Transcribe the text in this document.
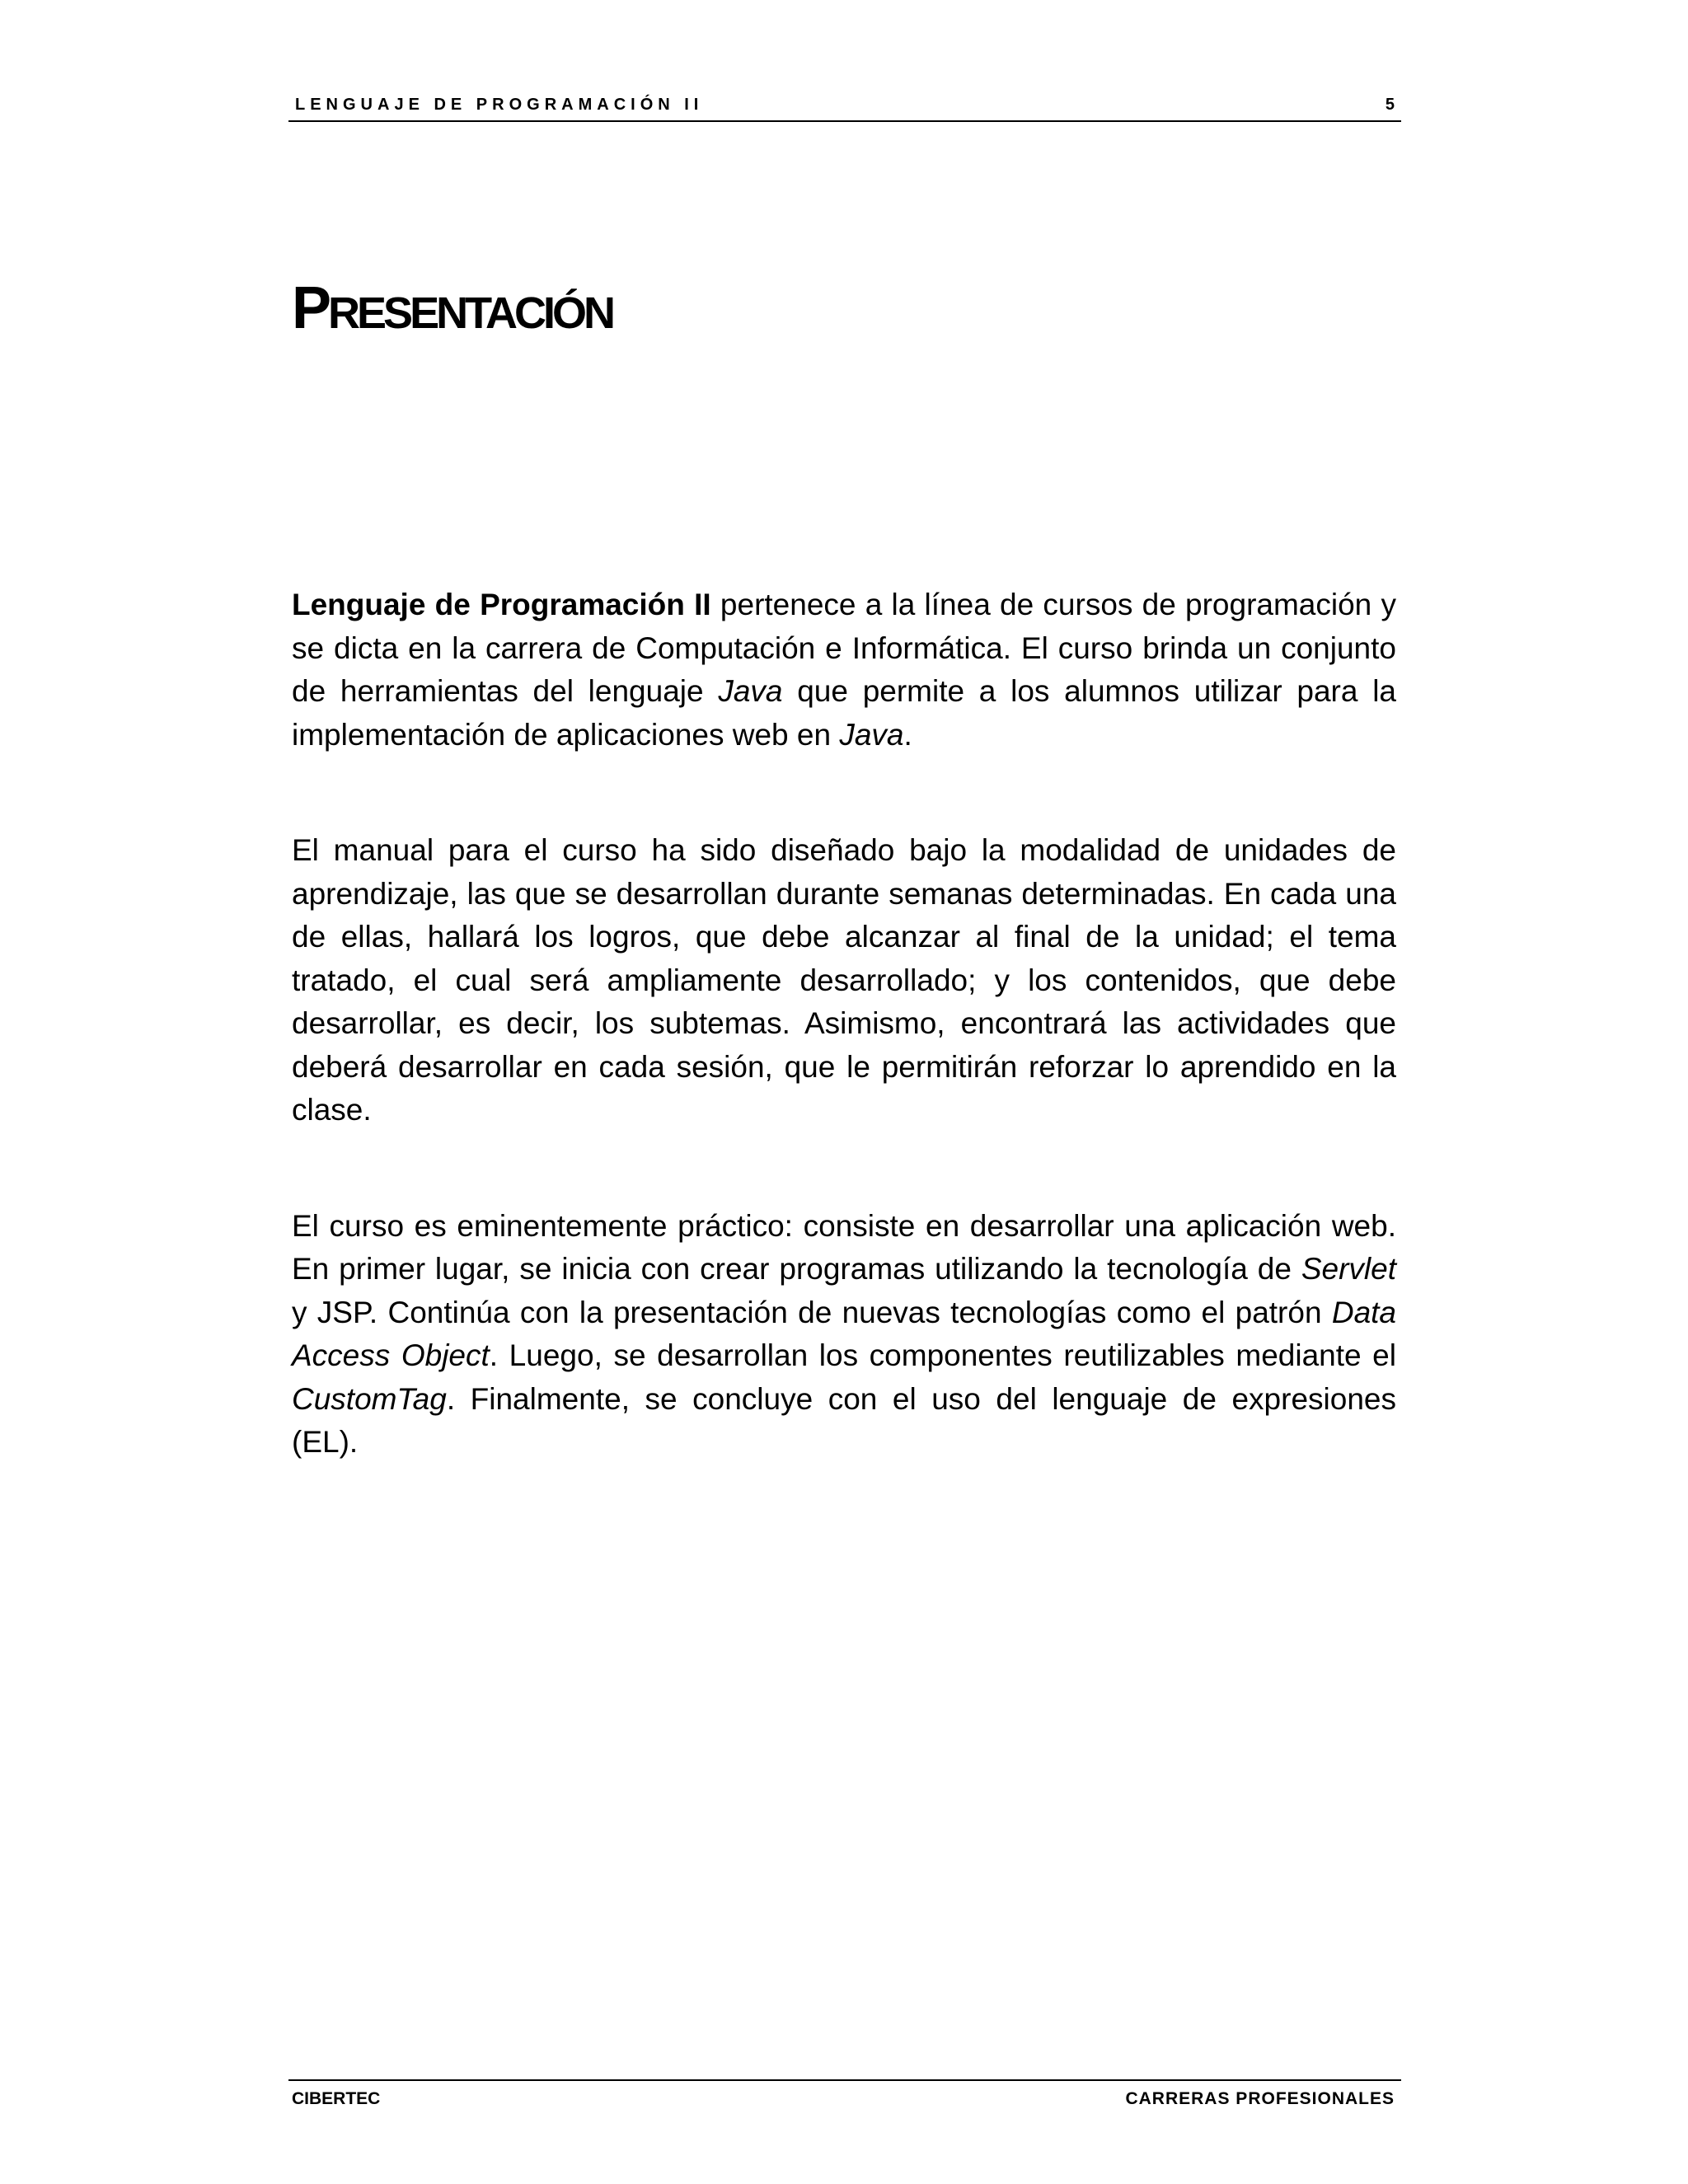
LENGUAJE DE PROGRAMACIÓN II	5
PRESENTACIÓN

Lenguaje de Programación II pertenece a la línea de cursos de programación y se dicta en la carrera de Computación e Informática. El curso brinda un conjunto de herramientas del lenguaje Java que permite a los alumnos utilizar para la implementación de aplicaciones web en Java.

El manual para el curso ha sido diseñado bajo la modalidad de unidades de aprendizaje, las que se desarrollan durante semanas determinadas. En cada una de ellas, hallará los logros, que debe alcanzar al final de la unidad; el tema tratado, el cual será ampliamente desarrollado; y los contenidos, que debe desarrollar, es decir, los subtemas. Asimismo, encontrará las actividades que deberá desarrollar en cada sesión, que le permitirán reforzar lo aprendido en la clase.

El curso es eminentemente práctico: consiste en desarrollar una aplicación web. En primer lugar, se inicia con crear programas utilizando la tecnología de Servlet y JSP. Continúa con la presentación de nuevas tecnologías como el patrón Data Access Object. Luego, se desarrollan los componentes reutilizables mediante el CustomTag. Finalmente, se concluye con el uso del lenguaje de expresiones (EL).

CIBERTEC	CARRERAS PROFESIONALES
